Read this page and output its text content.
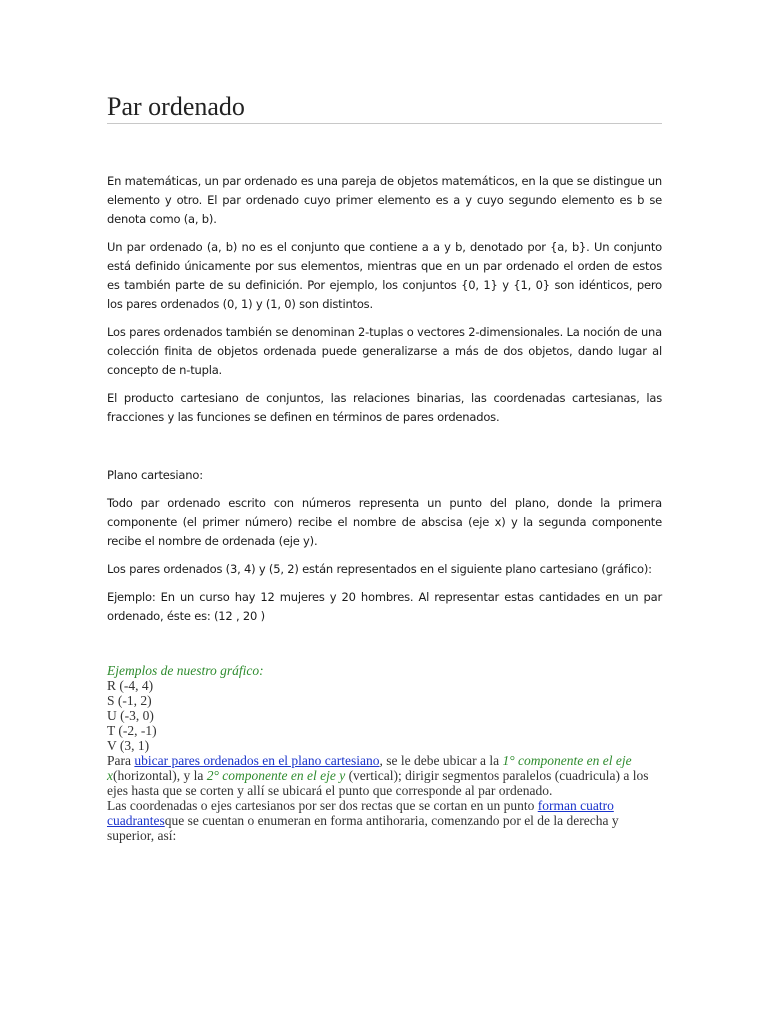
Par ordenado

En matemáticas, un par ordenado es una pareja de objetos matemáticos, en la que se distingue un elemento y otro. El par ordenado cuyo primer elemento es a y cuyo segundo elemento es b se denota como (a, b).

Un par ordenado (a, b) no es el conjunto que contiene a a y b, denotado por {a, b}. Un conjunto está definido únicamente por sus elementos, mientras que en un par ordenado el orden de estos es también parte de su definición. Por ejemplo, los conjuntos {0, 1} y {1, 0} son idénticos, pero los pares ordenados (0, 1) y (1, 0) son distintos.

Los pares ordenados también se denominan 2-tuplas o vectores 2-dimensionales. La noción de una colección finita de objetos ordenada puede generalizarse a más de dos objetos, dando lugar al concepto de n-tupla.

El producto cartesiano de conjuntos, las relaciones binarias, las coordenadas cartesianas, las fracciones y las funciones se definen en términos de pares ordenados.

Plano cartesiano:

Todo par ordenado escrito con números representa un punto del plano, donde la primera componente (el primer número) recibe el nombre de abscisa (eje x) y la segunda componente recibe el nombre de ordenada (eje y).

Los pares ordenados (3, 4) y (5, 2) están representados en el siguiente plano cartesiano (gráfico):

Ejemplo: En un curso hay 12 mujeres y 20 hombres. Al representar estas cantidades en un par ordenado, éste es: (12 , 20 )

Ejemplos de nuestro gráfico:
R (-4, 4)
S (-1, 2)
U (-3, 0)
T (-2, -1)
V (3, 1)
Para ubicar pares ordenados en el plano cartesiano, se le debe ubicar a la 1° componente en el eje x(horizontal), y la 2° componente en el eje y (vertical); dirigir segmentos paralelos (cuadricula) a los ejes hasta que se corten y allí se ubicará el punto que corresponde al par ordenado.
Las coordenadas o ejes cartesianos por ser dos rectas que se cortan en un punto forman cuatro cuadrantesque se cuentan o enumeran en forma antihoraria, comenzando por el de la derecha y superior, así:
